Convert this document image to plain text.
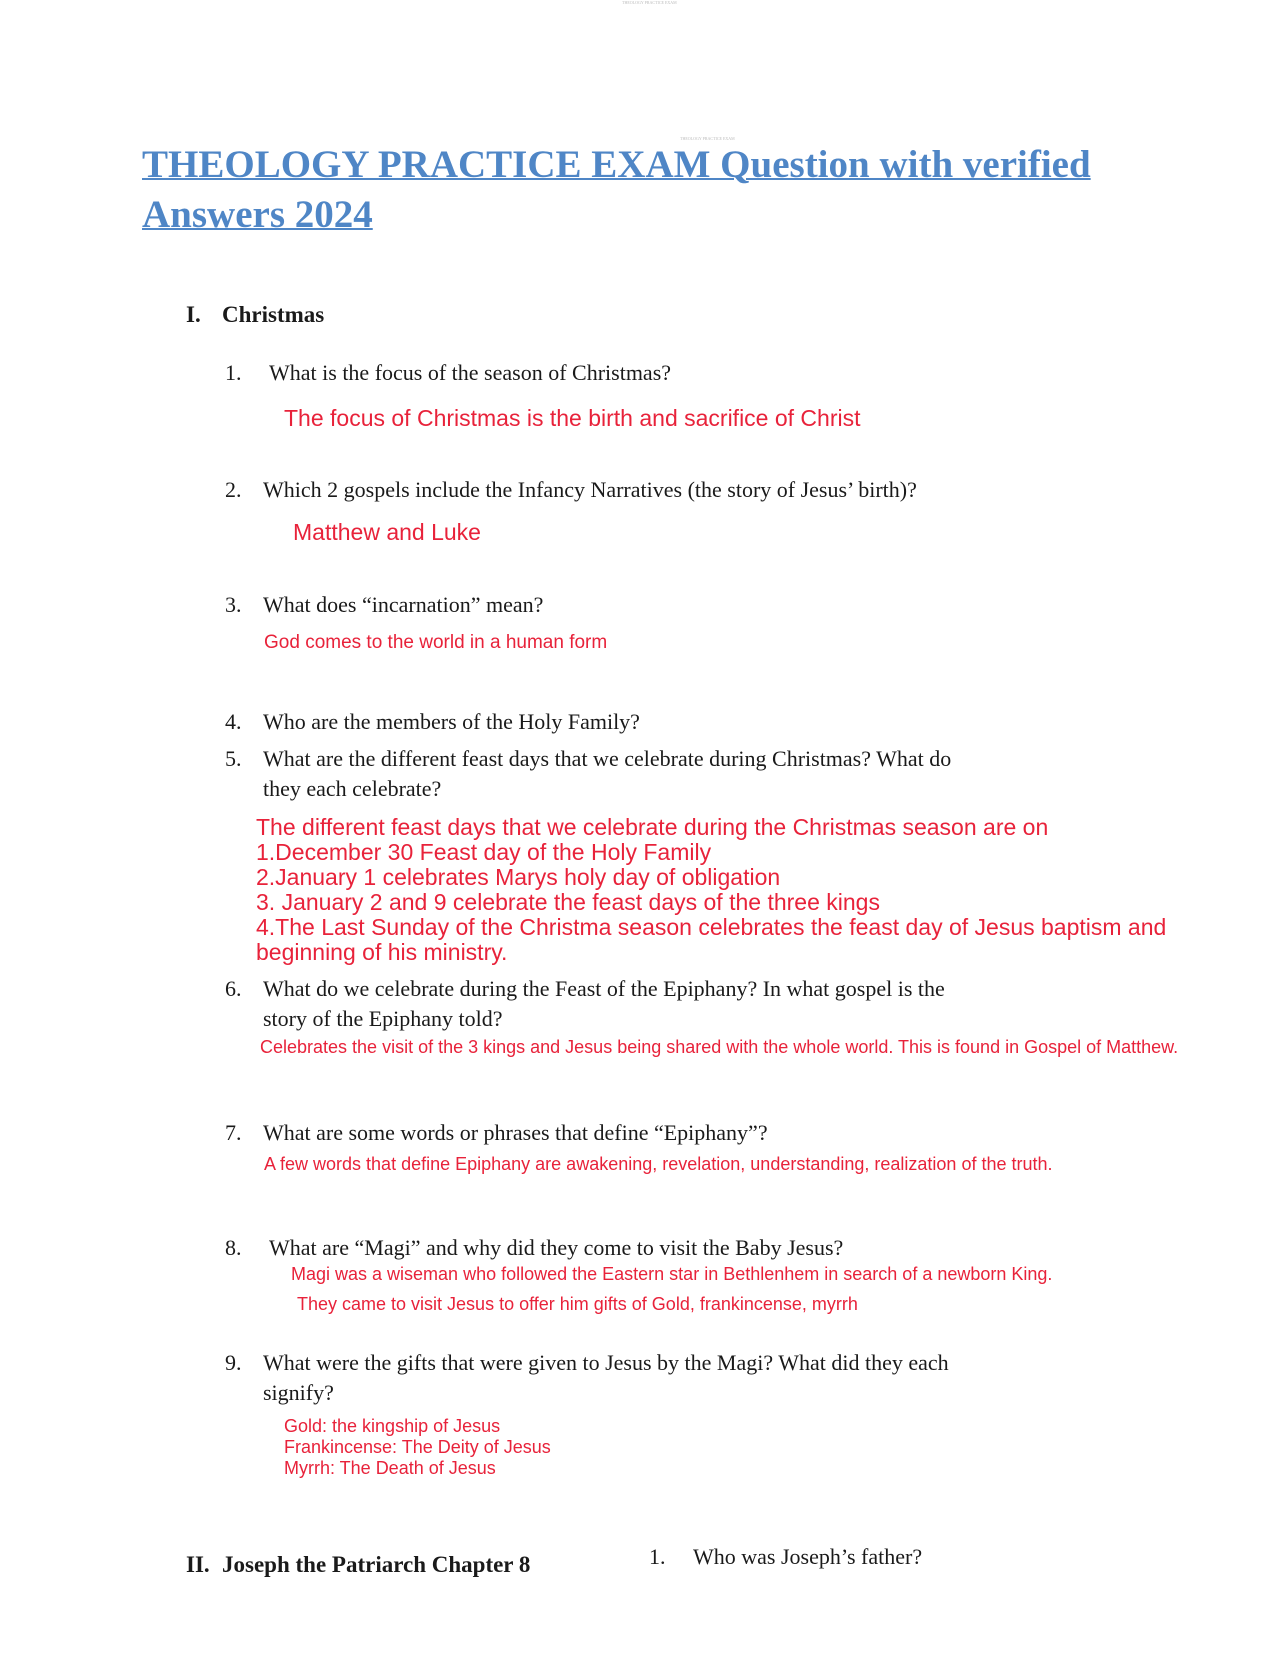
THEOLOGY PRACTICE EXAM
THEOLOGY PRACTICE EXAM
THEOLOGY PRACTICE EXAM Question with verified Answers 2024
I. Christmas
1. What is the focus of the season of Christmas?
The focus of Christmas is the birth and sacrifice of Christ
2. Which 2 gospels include the Infancy Narratives (the story of Jesus’ birth)?
Matthew and Luke
3. What does “incarnation” mean?
God comes to the world in a human form
4. Who are the members of the Holy Family?
5. What are the different feast days that we celebrate during Christmas? What do
they each celebrate?
The different feast days that we celebrate during the Christmas season are on
1.December 30 Feast day of the Holy Family
2.January 1 celebrates Marys holy day of obligation
3. January 2 and 9 celebrate the feast days of the three kings
4.The Last Sunday of the Christma season celebrates the feast day of Jesus baptism and
beginning of his ministry.
6. What do we celebrate during the Feast of the Epiphany? In what gospel is the
story of the Epiphany told?
Celebrates the visit of the 3 kings and Jesus being shared with the whole world. This is found in Gospel of Matthew.
7. What are some words or phrases that define “Epiphany”?
A few words that define Epiphany are awakening, revelation, understanding, realization of the truth.
8. What are “Magi” and why did they come to visit the Baby Jesus?
Magi was a wiseman who followed the Eastern star in Bethlenhem in search of a newborn King.
They came to visit Jesus to offer him gifts of Gold, frankincense, myrrh
9. What were the gifts that were given to Jesus by the Magi? What did they each
signify?
Gold: the kingship of Jesus
Frankincense: The Deity of Jesus
Myrrh: The Death of Jesus
II. Joseph the Patriarch Chapter 8	1. Who was Joseph’s father?
